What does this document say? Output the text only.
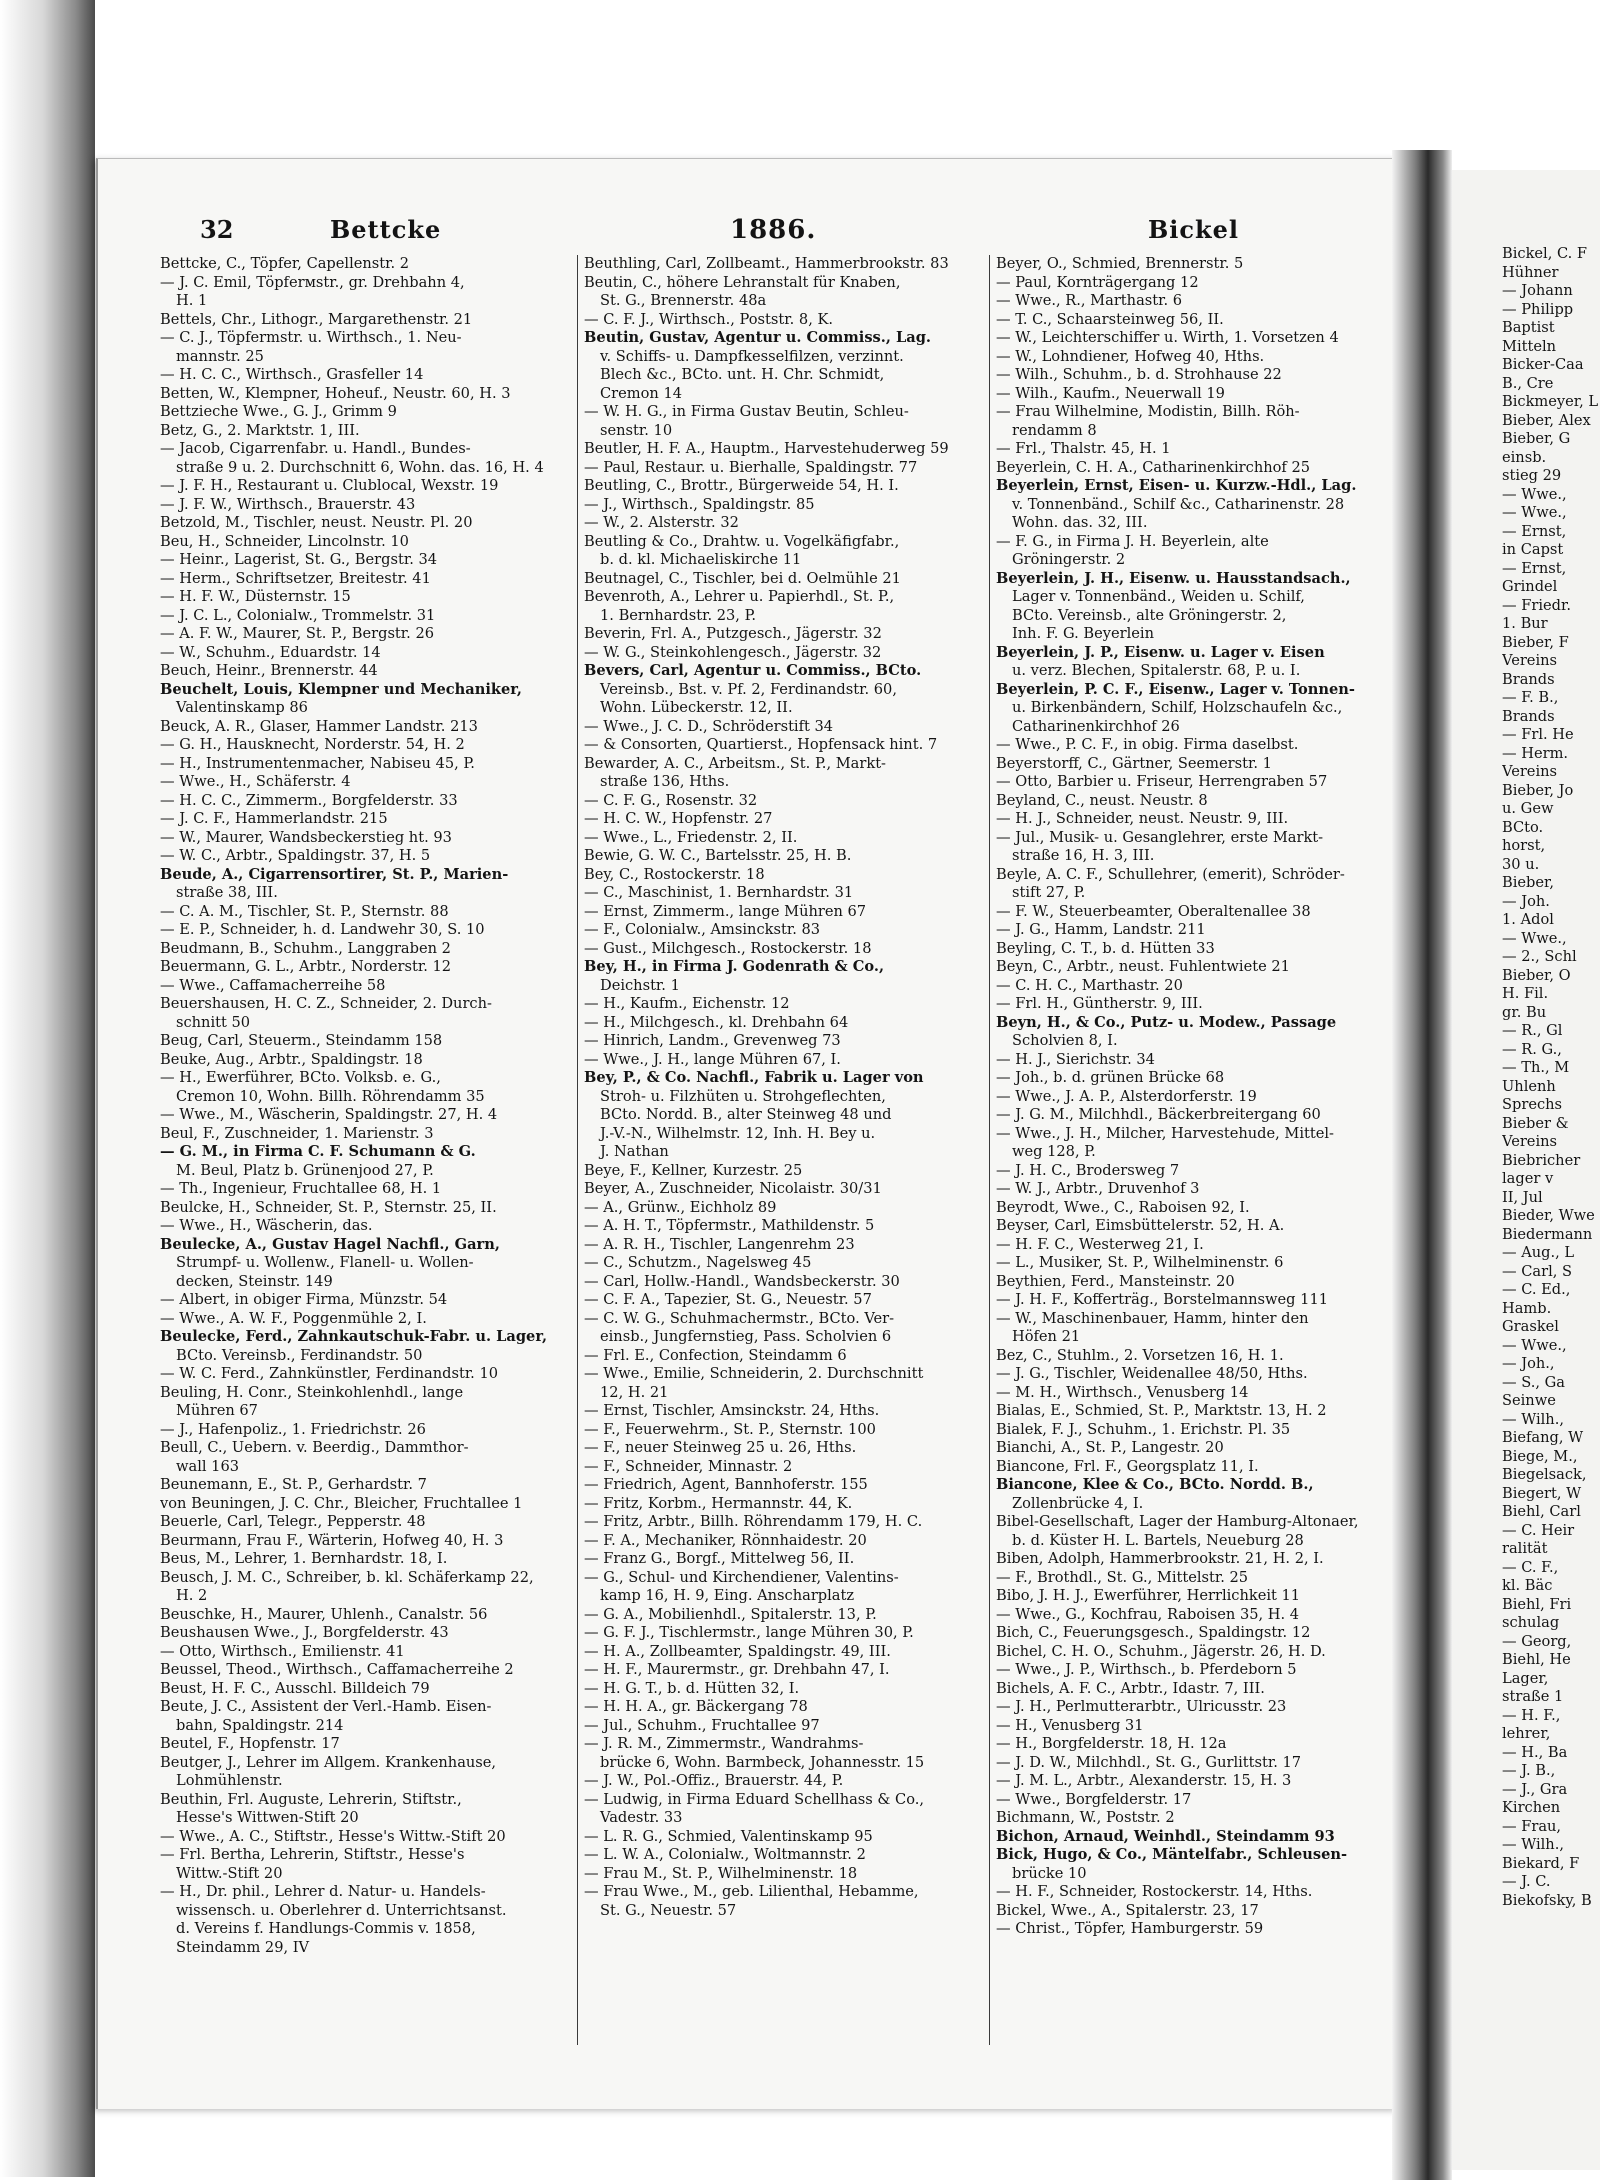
32	Bettcke	1886.	Bickel
Bettcke, C., Töpfer, Capellenstr. 2
— J. C. Emil, Töpferмstr., gr. Drehbahn 4,
H. 1
Bettels, Chr., Lithogr., Margarethenstr. 21
— C. J., Töpfermstr. u. Wirthsch., 1. Neu-
mannstr. 25
— H. C. C., Wirthsch., Grasfeller 14
Betten, W., Klempner, Hoheuf., Neustr. 60, H. 3
Bettzieche Wwe., G. J., Grimm 9
Betz, G., 2. Marktstr. 1, III.
— Jacob, Cigarrenfabr. u. Handl., Bundes-
straße 9 u. 2. Durchschnitt 6, Wohn. das. 16, H. 4
— J. F. H., Restaurant u. Clublocal, Wexstr. 19
— J. F. W., Wirthsch., Brauerstr. 43
Betzold, M., Tischler, neust. Neustr. Pl. 20
Beu, H., Schneider, Lincolnstr. 10
— Heinr., Lagerist, St. G., Bergstr. 34
— Herm., Schriftsetzer, Breitestr. 41
— H. F. W., Düsternstr. 15
— J. C. L., Colonialw., Trommelstr. 31
— A. F. W., Maurer, St. P., Bergstr. 26
— W., Schuhm., Eduardstr. 14
Beuch, Heinr., Brennerstr. 44
Beuchelt, Louis, Klempner und Mechaniker,
Valentinskamp 86
Beuck, A. R., Glaser, Hammer Landstr. 213
— G. H., Hausknecht, Norderstr. 54, H. 2
— H., Instrumentenmacher, Nabiseu 45, P.
— Wwe., H., Schäferstr. 4
— H. C. C., Zimmerm., Borgfelderstr. 33
— J. C. F., Hammerlandstr. 215
— W., Maurer, Wandsbeckerstieg ht. 93
— W. C., Arbtr., Spaldingstr. 37, H. 5
Beude, A., Cigarrensortirer, St. P., Marien-
straße 38, III.
— C. A. M., Tischler, St. P., Sternstr. 88
— E. P., Schneider, h. d. Landwehr 30, S. 10
Beudmann, B., Schuhm., Langgraben 2
Beuermann, G. L., Arbtr., Norderstr. 12
— Wwe., Caffamacherreihe 58
Beuershausen, H. C. Z., Schneider, 2. Durch-
schnitt 50
Beug, Carl, Steuerm., Steindamm 158
Beuke, Aug., Arbtr., Spaldingstr. 18
— H., Ewerführer, BCto. Volksb. e. G.,
Cremon 10, Wohn. Billh. Röhrendamm 35
— Wwe., M., Wäscherin, Spaldingstr. 27, H. 4
Beul, F., Zuschneider, 1. Marienstr. 3
— G. M., in Firma C. F. Schumann & G.
M. Beul, Platz b. Grünenjood 27, P.
— Th., Ingenieur, Fruchtallee 68, H. 1
Beulcke, H., Schneider, St. P., Sternstr. 25, II.
— Wwe., H., Wäscherin, das.
Beulecke, A., Gustav Hagel Nachfl., Garn,
Strumpf- u. Wollenw., Flanell- u. Wollen-
decken, Steinstr. 149
— Albert, in obiger Firma, Münzstr. 54
— Wwe., A. W. F., Poggenmühle 2, I.
Beulecke, Ferd., Zahnkautschuk-Fabr. u. Lager,
BCto. Vereinsb., Ferdinandstr. 50
— W. C. Ferd., Zahnkünstler, Ferdinandstr. 10
Beuling, H. Conr., Steinkohlenhdl., lange
Mühren 67
— J., Hafenpoliz., 1. Friedrichstr. 26
Beull, C., Uebern. v. Beerdig., Dammthor-
wall 163
Beunemann, E., St. P., Gerhardstr. 7
von Beuningen, J. C. Chr., Bleicher, Fruchtallee 1
Beuerle, Carl, Telegr., Pepperstr. 48
Beurmann, Frau F., Wärterin, Hofweg 40, H. 3
Beus, M., Lehrer, 1. Bernhardstr. 18, I.
Beusch, J. M. C., Schreiber, b. kl. Schäferkamp 22,
H. 2
Beuschke, H., Maurer, Uhlenh., Canalstr. 56
Beushausen Wwe., J., Borgfelderstr. 43
— Otto, Wirthsch., Emilienstr. 41
Beussel, Theod., Wirthsch., Caffamacherreihe 2
Beust, H. F. C., Ausschl. Billdeich 79
Beute, J. C., Assistent der Verl.-Hamb. Eisen-
bahn, Spaldingstr. 214
Beutel, F., Hopfenstr. 17
Beutger, J., Lehrer im Allgem. Krankenhause,
Lohmühlenstr.
Beuthin, Frl. Auguste, Lehrerin, Stiftstr.,
Hesse's Wittwen-Stift 20
— Wwe., A. C., Stiftstr., Hesse's Wittw.-Stift 20
— Frl. Bertha, Lehrerin, Stiftstr., Hesse's
Wittw.-Stift 20
— H., Dr. phil., Lehrer d. Natur- u. Handels-
wissensch. u. Oberlehrer d. Unterrichtsanst.
d. Vereins f. Handlungs-Commis v. 1858,
Steindamm 29, IV
Beuthling, Carl, Zollbeamt., Hammerbrookstr. 83
Beutin, C., höhere Lehranstalt für Knaben,
St. G., Brennerstr. 48a
— C. F. J., Wirthsch., Poststr. 8, K.
Beutin, Gustav, Agentur u. Commiss., Lag.
v. Schiffs- u. Dampfkesselfilzen, verzinnt.
Blech &c., BCto. unt. H. Chr. Schmidt,
Cremon 14
— W. H. G., in Firma Gustav Beutin, Schleu-
senstr. 10
Beutler, H. F. A., Hauptm., Harvestehuderweg 59
— Paul, Restaur. u. Bierhalle, Spaldingstr. 77
Beutling, C., Brottr., Bürgerweide 54, H. I.
— J., Wirthsch., Spaldingstr. 85
— W., 2. Alsterstr. 32
Beutling & Co., Drahtw. u. Vogelkäfigfabr.,
b. d. kl. Michaeliskirche 11
Beutnagel, C., Tischler, bei d. Oelmühle 21
Bevenroth, A., Lehrer u. Papierhdl., St. P.,
1. Bernhardstr. 23, P.
Beverin, Frl. A., Putzgesch., Jägerstr. 32
— W. G., Steinkohlengesch., Jägerstr. 32
Bevers, Carl, Agentur u. Commiss., BCto.
Vereinsb., Bst. v. Pf. 2, Ferdinandstr. 60,
Wohn. Lübeckerstr. 12, II.
— Wwe., J. C. D., Schröderstift 34
— & Consorten, Quartierst., Hopfensack hint. 7
Bewarder, A. C., Arbeitsm., St. P., Markt-
straße 136, Hths.
— C. F. G., Rosenstr. 32
— H. C. W., Hopfenstr. 27
— Wwe., L., Friedenstr. 2, II.
Bewie, G. W. C., Bartelsstr. 25, H. B.
Bey, C., Rostockerstr. 18
— C., Maschinist, 1. Bernhardstr. 31
— Ernst, Zimmerm., lange Mühren 67
— F., Colonialw., Amsinckstr. 83
— Gust., Milchgesch., Rostockerstr. 18
Bey, H., in Firma J. Godenrath & Co.,
Deichstr. 1
— H., Kaufm., Eichenstr. 12
— H., Milchgesch., kl. Drehbahn 64
— Hinrich, Landm., Grevenweg 73
— Wwe., J. H., lange Mühren 67, I.
Bey, P., & Co. Nachfl., Fabrik u. Lager von
Stroh- u. Filzhüten u. Strohgeflechten,
BCto. Nordd. B., alter Steinweg 48 und
J.-V.-N., Wilhelmstr. 12, Inh. H. Bey u.
J. Nathan
Beye, F., Kellner, Kurzestr. 25
Beyer, A., Zuschneider, Nicolaistr. 30/31
— A., Grünw., Eichholz 89
— A. H. T., Töpfermstr., Mathildenstr. 5
— A. R. H., Tischler, Langenrehm 23
— C., Schutzm., Nagelsweg 45
— Carl, Hollw.-Handl., Wandsbeckerstr. 30
— C. F. A., Tapezier, St. G., Neuestr. 57
— C. W. G., Schuhmachermstr., BCto. Ver-
einsb., Jungfernstieg, Pass. Scholvien 6
— Frl. E., Confection, Steindamm 6
— Wwe., Emilie, Schneiderin, 2. Durchschnitt
12, H. 21
— Ernst, Tischler, Amsinckstr. 24, Hths.
— F., Feuerwehrm., St. P., Sternstr. 100
— F., neuer Steinweg 25 u. 26, Hths.
— F., Schneider, Minnastr. 2
— Friedrich, Agent, Bannhoferstr. 155
— Fritz, Korbm., Hermannstr. 44, K.
— Fritz, Arbtr., Billh. Röhrendamm 179, H. C.
— F. A., Mechaniker, Rönnhaidestr. 20
— Franz G., Borgf., Mittelweg 56, II.
— G., Schul- und Kirchendiener, Valentins-
kamp 16, H. 9, Eing. Anscharplatz
— G. A., Mobilienhdl., Spitalerstr. 13, P.
— G. F. J., Tischlermstr., lange Mühren 30, P.
— H. A., Zollbeamter, Spaldingstr. 49, III.
— H. F., Maurermstr., gr. Drehbahn 47, I.
— H. G. T., b. d. Hütten 32, I.
— H. H. A., gr. Bäckergang 78
— Jul., Schuhm., Fruchtallee 97
— J. R. M., Zimmermstr., Wandrahms-
brücke 6, Wohn. Barmbeck, Johannesstr. 15
— J. W., Pol.-Offiz., Brauerstr. 44, P.
— Ludwig, in Firma Eduard Schellhass & Co.,
Vadestr. 33
— L. R. G., Schmied, Valentinskamp 95
— L. W. A., Colonialw., Woltmannstr. 2
— Frau M., St. P., Wilhelminenstr. 18
— Frau Wwe., M., geb. Lilienthal, Hebamme,
St. G., Neuestr. 57
Beyer, O., Schmied, Brennerstr. 5
— Paul, Kornträgergang 12
— Wwe., R., Marthastr. 6
— T. C., Schaarsteinweg 56, II.
— W., Leichterschiffer u. Wirth, 1. Vorsetzen 4
— W., Lohndiener, Hofweg 40, Hths.
— Wilh., Schuhm., b. d. Strohhause 22
— Wilh., Kaufm., Neuerwall 19
— Frau Wilhelmine, Modistin, Billh. Röh-
rendamm 8
— Frl., Thalstr. 45, H. 1
Beyerlein, C. H. A., Catharinenkirchhof 25
Beyerlein, Ernst, Eisen- u. Kurzw.-Hdl., Lag.
v. Tonnenbänd., Schilf &c., Catharinenstr. 28
Wohn. das. 32, III.
— F. G., in Firma J. H. Beyerlein, alte
Gröningerstr. 2
Beyerlein, J. H., Eisenw. u. Hausstandsach.,
Lager v. Tonnenbänd., Weiden u. Schilf,
BCto. Vereinsb., alte Gröningerstr. 2,
Inh. F. G. Beyerlein
Beyerlein, J. P., Eisenw. u. Lager v. Eisen
u. verz. Blechen, Spitalerstr. 68, P. u. I.
Beyerlein, P. C. F., Eisenw., Lager v. Tonnen-
u. Birkenbändern, Schilf, Holzschaufeln &c.,
Catharinenkirchhof 26
— Wwe., P. C. F., in obig. Firma daselbst.
Beyerstorff, C., Gärtner, Seemerstr. 1
— Otto, Barbier u. Friseur, Herrengraben 57
Beyland, C., neust. Neustr. 8
— H. J., Schneider, neust. Neustr. 9, III.
— Jul., Musik- u. Gesanglehrer, erste Markt-
straße 16, H. 3, III.
Beyle, A. C. F., Schullehrer, (emerit), Schröder-
stift 27, P.
— F. W., Steuerbeamter, Oberaltenallee 38
— J. G., Hamm, Landstr. 211
Beyling, C. T., b. d. Hütten 33
Beyn, C., Arbtr., neust. Fuhlentwiete 21
— C. H. C., Marthastr. 20
— Frl. H., Güntherstr. 9, III.
Beyn, H., & Co., Putz- u. Modew., Passage
Scholvien 8, I.
— H. J., Sierichstr. 34
— Joh., b. d. grünen Brücke 68
— Wwe., J. A. P., Alsterdorferstr. 19
— J. G. M., Milchhdl., Bäckerbreitergang 60
— Wwe., J. H., Milcher, Harvestehude, Mittel-
weg 128, P.
— J. H. C., Brodersweg 7
— W. J., Arbtr., Druvenhof 3
Beyrodt, Wwe., C., Raboisen 92, I.
Beyser, Carl, Eimsbüttelerstr. 52, H. A.
— H. F. C., Westerweg 21, I.
— L., Musiker, St. P., Wilhelminenstr. 6
Beythien, Ferd., Mansteinstr. 20
— J. H. F., Kofferträg., Borstelmannsweg 111
— W., Maschinenbauer, Hamm, hinter den
Höfen 21
Bez, C., Stuhlm., 2. Vorsetzen 16, H. 1.
— J. G., Tischler, Weidenallee 48/50, Hths.
— M. H., Wirthsch., Venusberg 14
Bialas, E., Schmied, St. P., Marktstr. 13, H. 2
Bialek, F. J., Schuhm., 1. Erichstr. Pl. 35
Bianchi, A., St. P., Langestr. 20
Biancone, Frl. F., Georgsplatz 11, I.
Biancone, Klee & Co., BCto. Nordd. B.,
Zollenbrücke 4, I.
Bibel-Gesellschaft, Lager der Hamburg-Altonaer,
b. d. Küster H. L. Bartels, Neueburg 28
Biben, Adolph, Hammerbrookstr. 21, H. 2, I.
— F., Brothdl., St. G., Mittelstr. 25
Bibo, J. H. J., Ewerführer, Herrlichkeit 11
— Wwe., G., Kochfrau, Raboisen 35, H. 4
Bich, C., Feuerungsgesch., Spaldingstr. 12
Bichel, C. H. O., Schuhm., Jägerstr. 26, H. D.
— Wwe., J. P., Wirthsch., b. Pferdeborn 5
Bichels, A. F. C., Arbtr., Idastr. 7, III.
— J. H., Perlmutterarbtr., Ulricusstr. 23
— H., Venusberg 31
— H., Borgfelderstr. 18, H. 12a
— J. D. W., Milchhdl., St. G., Gurlittstr. 17
— J. M. L., Arbtr., Alexanderstr. 15, H. 3
— Wwe., Borgfelderstr. 17
Bichmann, W., Poststr. 2
Bichon, Arnaud, Weinhdl., Steindamm 93
Bick, Hugo, & Co., Mäntelfabr., Schleusen-
brücke 10
— H. F., Schneider, Rostockerstr. 14, Hths.
Bickel, Wwe., A., Spitalerstr. 23, 17
— Christ., Töpfer, Hamburgerstr. 59
Bickel, C. F
Hühner
— Johann
— Philipp
Baptist
Mitteln
Bicker-Caa
B., Cre
Bickmeyer, L
Bieber, Alex
Bieber, G
einsb.
stieg 29
— Wwe.,
— Wwe.,
— Ernst,
in Capst
— Ernst,
Grindel
— Friedr.
1. Bur
Bieber, F
Vereins
Brands
— F. B.,
Brands
— Frl. He
— Herm.
Vereins
Bieber, Jo
u. Gew
BCto.
horst,
30 u.
Bieber,
— Joh.
1. Adol
— Wwe.,
— 2., Schl
Bieber, O
H. Fil.
gr. Bu
— R., Gl
— R. G.,
— Th., M
Uhlenh
Sprechs
Bieber &
Vereins
Biebricher
lager v
II, Jul
Bieder, Wwe
Biedermann
— Aug., L
— Carl, S
— C. Ed.,
Hamb.
Graskel
— Wwe.,
— Joh.,
— S., Ga
Seinwe
— Wilh.,
Biefang, W
Biege, M.,
Biegelsack,
Biegert, W
Biehl, Carl
— C. Heir
ralität
— C. F.,
kl. Bäc
Biehl, Fri
schulag
— Georg,
Biehl, He
Lager,
straße 1
— H. F.,
lehrer,
— H., Ba
— J. B.,
— J., Gra
Kirchen
— Frau,
— Wilh.,
Biekard, F
— J. C.
Biekofsky, B
